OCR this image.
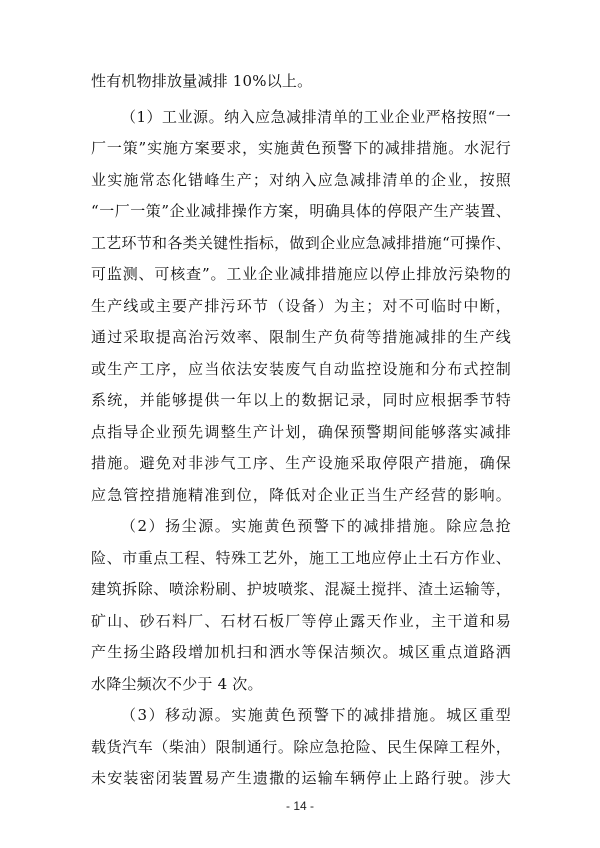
性有机物排放量减排 10%以上。
（1）工业源。纳入应急减排清单的工业企业严格按照“一
厂一策”实施方案要求，实施黄色预警下的减排措施。水泥行
业实施常态化错峰生产；对纳入应急减排清单的企业，按照
“一厂一策”企业减排操作方案，明确具体的停限产生产装置、
工艺环节和各类关键性指标，做到企业应急减排措施“可操作、
可监测、可核查”。工业企业减排措施应以停止排放污染物的
生产线或主要产排污环节（设备）为主；对不可临时中断，
通过采取提高治污效率、限制生产负荷等措施减排的生产线
或生产工序，应当依法安装废气自动监控设施和分布式控制
系统，并能够提供一年以上的数据记录，同时应根据季节特
点指导企业预先调整生产计划，确保预警期间能够落实减排
措施。避免对非涉气工序、生产设施采取停限产措施，确保
应急管控措施精准到位，降低对企业正当生产经营的影响。
（2）扬尘源。实施黄色预警下的减排措施。除应急抢
险、市重点工程、特殊工艺外，施工工地应停止土石方作业、
建筑拆除、喷涂粉刷、护坡喷浆、混凝土搅拌、渣土运输等，
矿山、砂石料厂、石材石板厂等停止露天作业，主干道和易
产生扬尘路段增加机扫和洒水等保洁频次。城区重点道路洒
水降尘频次不少于 4 次。
（3）移动源。实施黄色预警下的减排措施。城区重型
载货汽车（柴油）限制通行。除应急抢险、民生保障工程外，
未安装密闭装置易产生遗撒的运输车辆停止上路行驶。涉大
- 14 -
